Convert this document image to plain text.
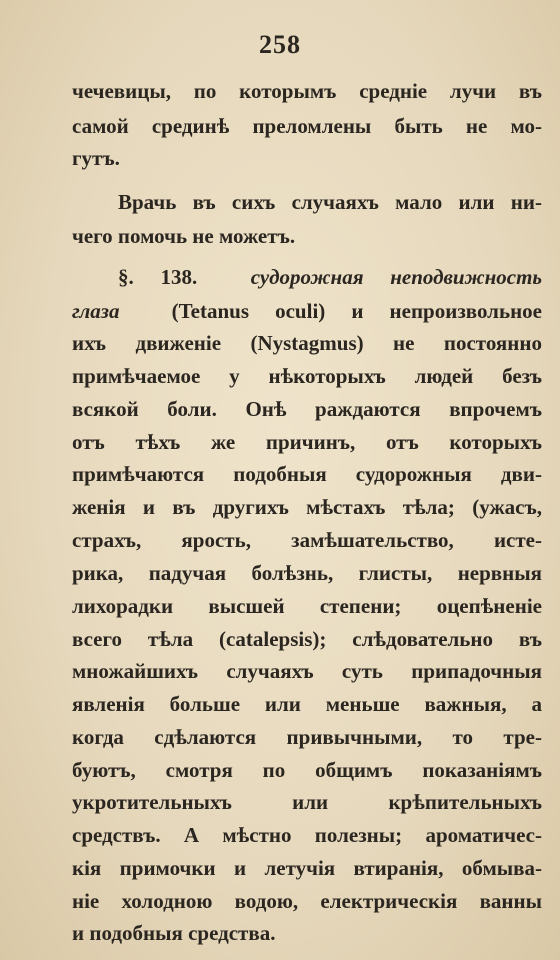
258
чечевицы, по которымъ среднiе лучи въ
самой срединѣ преломлены быть не мо-
гутъ.
Врачь въ сихъ случаяхъ мало или ни-
чего помочь не можетъ.
§. 138.	судорожная неподвижность
глаза (Tetanus oculi) и непроизвольное
ихъ движенiе (Nystagmus) не постоянно
примѣчаемое у нѣкоторыхъ людей безъ
всякой боли. Онѣ раждаются впрочемъ
отъ тѣхъ же причинъ, отъ которыхъ
примѣчаются подобныя судорожныя дви-
женiя и въ другихъ мѣстахъ тѣла; (ужасъ,
страхъ, ярость, замѣшательство, исте-
рика, падучая болѣзнь, глисты, нервныя
лихорадки высшей степени; оцепѣненiе
всего тѣла (catalepsis); слѣдовательно въ
множайшихъ случаяхъ суть припадочныя
явленiя больше или меньше важныя, а
когда сдѣлаются привычными, то тре-
буютъ, смотря по общимъ показанiямъ
укротительныхъ или крѣпительныхъ
средствъ. А мѣстно полезны; ароматичес-
кiя примочки и летучiя втиранiя, обмыва-
нiе холодною водою, електрическiя ванны
и подобныя средства.
